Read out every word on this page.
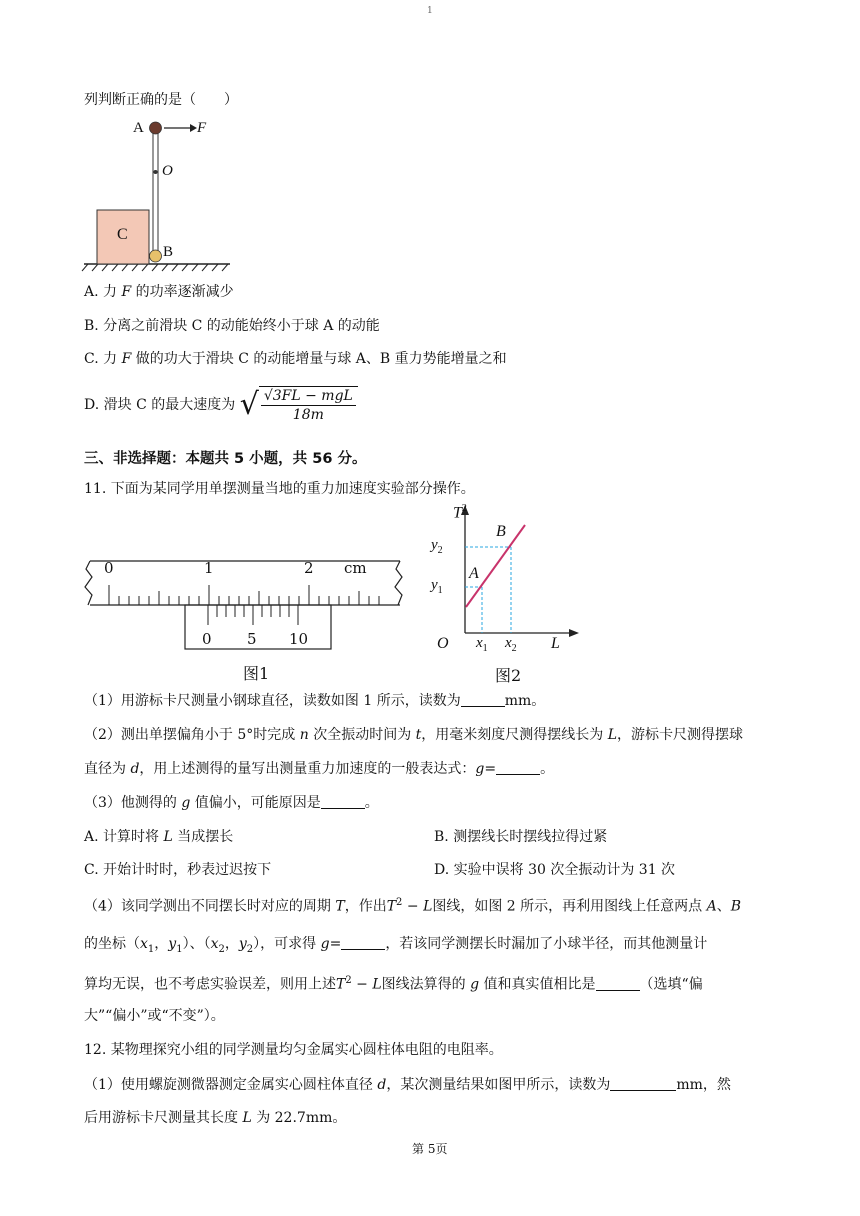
1
列判断正确的是（　　）
A	F
O
C
B
A. 力 F 的功率逐渐减少
B. 分离之前滑块 C 的动能始终小于球 A 的动能
C. 力 F 做的功大于滑块 C 的动能增量与球 A、B 重力势能增量之和
D. 滑块 C 的最大速度为 √ $\frac{\text{√3FL − mgL}}{18m}$
三、非选择题：本题共 5 小题，共 56 分。
11. 下面为某同学用单摆测量当地的重力加速度实验部分操作。
0	1	2 cm
0 5 10
图1
$T^2$
L
O
B
A
$y_2$
$y_1$
$x_1$ $x_2$
图2
（1）用游标卡尺测量小钢球直径，读数如图 1 所示，读数为	mm。
（2）测出单摆偏角小于 5°时完成 n 次全振动时间为 t，用毫米刻度尺测得摆线长为 L，游标卡尺测得摆球
直径为 d，用上述测得的量写出测量重力加速度的一般表达式：g=	。
（3）他测得的 g 值偏小，可能原因是	。
A. 计算时将 L 当成摆长	B. 测摆线长时摆线拉得过紧
C. 开始计时时，秒表过迟按下	D. 实验中误将 30 次全振动计为 31 次
（4）该同学测出不同摆长时对应的周期 T，作出$T^2 - L$图线，如图 2 所示，再利用图线上任意两点 A、B
的坐标（$x_1$，$y_1$）、（$x_2$，$y_2$），可求得 g=	，若该同学测摆长时漏加了小球半径，而其他测量计
算均无误，也不考虑实验误差，则用上述$T^2 - L$图线法算得的 g 值和真实值相比是	（选填“偏
大”“偏小”或“不变”）。
12. 某物理探究小组的同学测量均匀金属实心圆柱体电阻的电阻率。
（1）使用螺旋测微器测定金属实心圆柱体直径 d，某次测量结果如图甲所示，读数为	mm，然
后用游标卡尺测量其长度 L 为 22.7mm。
第 5页
